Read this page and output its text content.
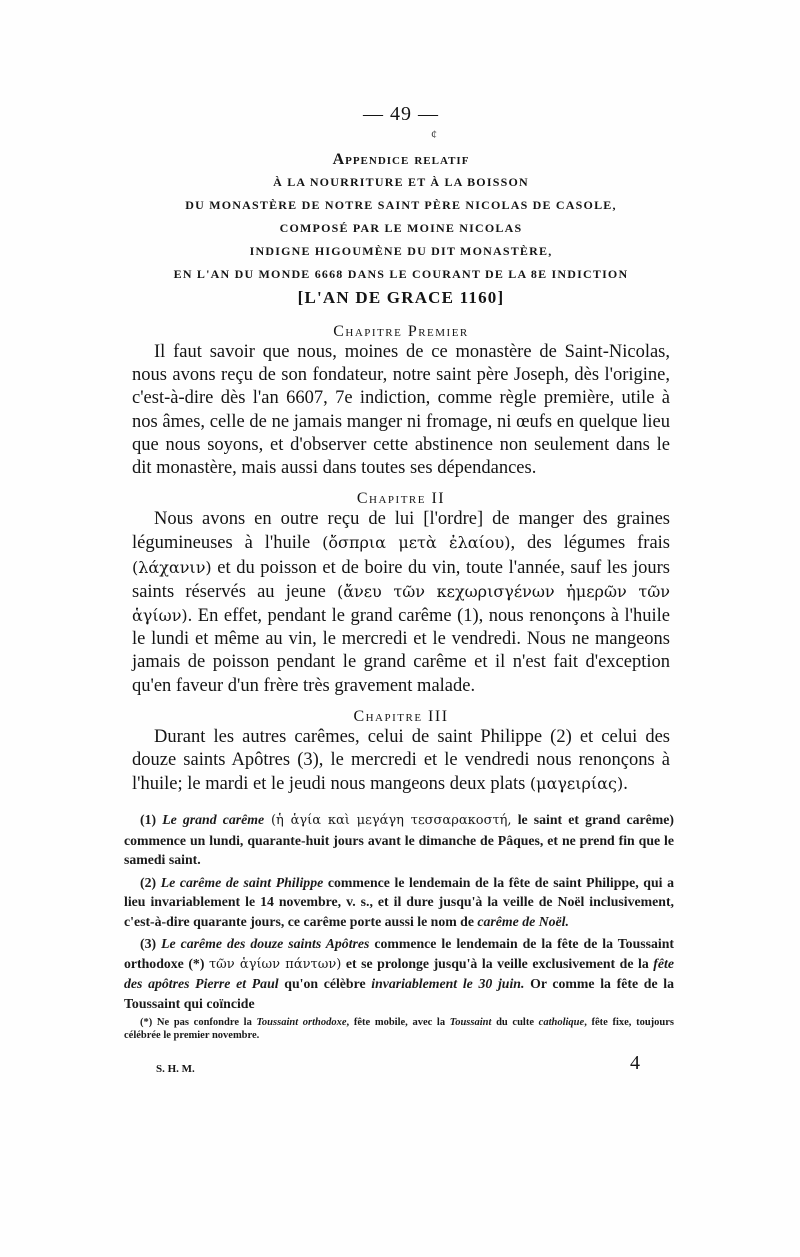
— 49 —
¢
Appendice relatif
À LA NOURRITURE ET À LA BOISSON
DU MONASTÈRE DE NOTRE SAINT PÈRE NICOLAS DE CASOLE,
COMPOSÉ PAR LE MOINE NICOLAS
INDIGNE HIGOUMÈNE DU DIT MONASTÈRE,
EN L'AN DU MONDE 6668 DANS LE COURANT DE LA 8E INDICTION
[L'AN DE GRACE 1160]
Chapitre Premier

Il faut savoir que nous, moines de ce monastère de Saint-Nicolas, nous avons reçu de son fondateur, notre saint père Joseph, dès l'origine, c'est-à-dire dès l'an 6607, 7e indiction, comme règle première, utile à nos âmes, celle de ne jamais manger ni fromage, ni œufs en quelque lieu que nous soyons, et d'observer cette abstinence non seulement dans le dit monastère, mais aussi dans toutes ses dépendances.

Chapitre II

Nous avons en outre reçu de lui [l'ordre] de manger des graines légumineuses à l'huile (ὄσπρια μετὰ ἐλαίου), des légumes frais (λάχανιν) et du poisson et de boire du vin, toute l'année, sauf les jours saints réservés au jeune (ἄνευ τῶν κεχωρισγένων ἡμερῶν τῶν ἁγίων). En effet, pendant le grand carême (1), nous renonçons à l'huile le lundi et même au vin, le mercredi et le vendredi. Nous ne mangeons jamais de poisson pendant le grand carême et il n'est fait d'exception qu'en faveur d'un frère très gravement malade.

Chapitre III

Durant les autres carêmes, celui de saint Philippe (2) et celui des douze saints Apôtres (3), le mercredi et le vendredi nous renonçons à l'huile; le mardi et le jeudi nous mangeons deux plats (μαγειρίας).

(1) Le grand carême (ἡ ἁγία καὶ μεγάγη τεσσαρακοστή, le saint et grand carême) commence un lundi, quarante-huit jours avant le dimanche de Pâques, et ne prend fin que le samedi saint.

(2) Le carême de saint Philippe commence le lendemain de la fête de saint Philippe, qui a lieu invariablement le 14 novembre, v. s., et il dure jusqu'à la veille de Noël inclusivement, c'est-à-dire quarante jours, ce carême porte aussi le nom de carême de Noël.

(3) Le carême des douze saints Apôtres commence le lendemain de la fête de la Toussaint orthodoxe (*) τῶν ἁγίων πάντων) et se prolonge jusqu'à la veille exclusivement de la fête des apôtres Pierre et Paul qu'on célèbre invariablement le 30 juin. Or comme la fête de la Toussaint qui coïncide

(*) Ne pas confondre la Toussaint orthodoxe, fête mobile, avec la Toussaint du culte catholique, fête fixe, toujours célébrée le premier novembre.

S. H. M.	4
